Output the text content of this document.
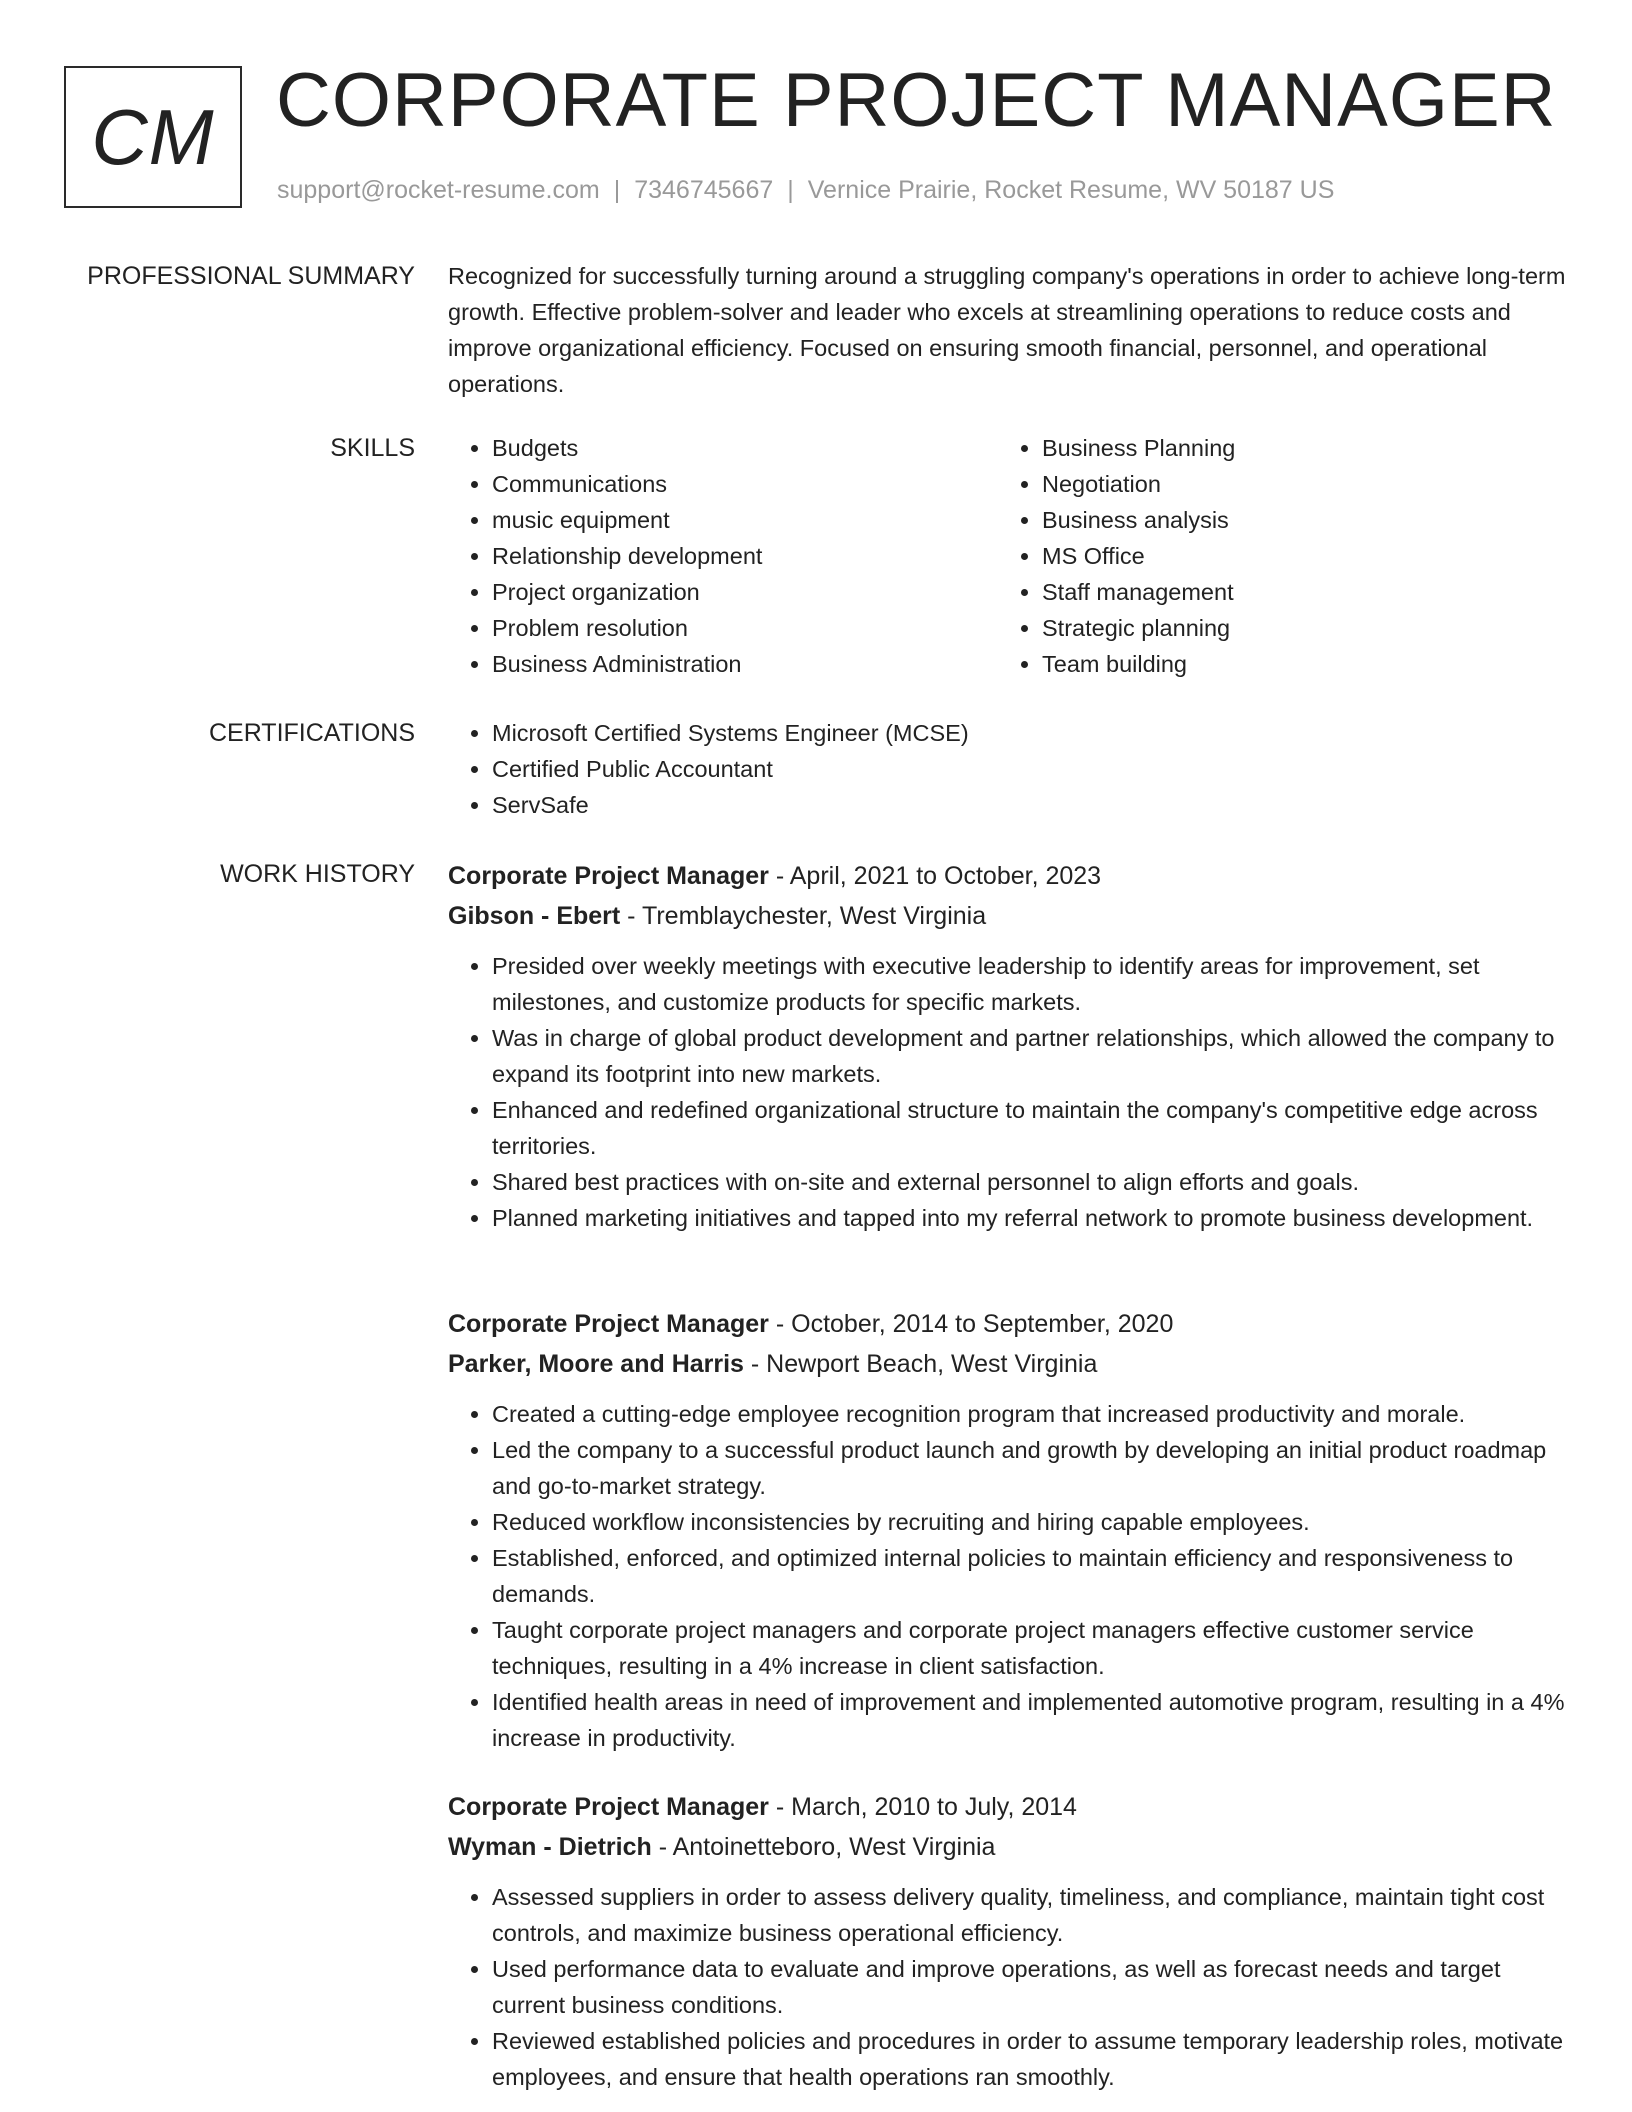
CM CORPORATE PROJECT MANAGER
support@rocket-resume.com | 7346745667 | Vernice Prairie, Rocket Resume, WV 50187 US
PROFESSIONAL SUMMARY Recognized for successfully turning around a struggling company's operations in order to achieve long-term growth. Effective problem-solver and leader who excels at streamlining operations to reduce costs and improve organizational efficiency. Focused on ensuring smooth financial, personnel, and operational operations.

SKILLS	• Budgets
• Communications
• music equipment
• Relationship development
• Project organization
• Problem resolution
• Business Administration
• Business Planning
• Negotiation
• Business analysis
• MS Office
• Staff management
• Strategic planning
• Team building
CERTIFICATIONS	• Microsoft Certified Systems Engineer (MCSE)
• Certified Public Accountant
• ServSafe
WORK HISTORY Corporate Project Manager - April, 2021 to October, 2023
Gibson - Ebert - Tremblaychester, West Virginia
• Presided over weekly meetings with executive leadership to identify areas for improvement, set milestones, and customize products for specific markets.
• Was in charge of global product development and partner relationships, which allowed the company to expand its footprint into new markets.
• Enhanced and redefined organizational structure to maintain the company's competitive edge across territories.
• Shared best practices with on-site and external personnel to align efforts and goals.
• Planned marketing initiatives and tapped into my referral network to promote business development.
Corporate Project Manager - October, 2014 to September, 2020
Parker, Moore and Harris - Newport Beach, West Virginia
• Created a cutting-edge employee recognition program that increased productivity and morale.
• Led the company to a successful product launch and growth by developing an initial product roadmap and go-to-market strategy.
• Reduced workflow inconsistencies by recruiting and hiring capable employees.
• Established, enforced, and optimized internal policies to maintain efficiency and responsiveness to demands.
• Taught corporate project managers and corporate project managers effective customer service techniques, resulting in a 4% increase in client satisfaction.
• Identified health areas in need of improvement and implemented automotive program, resulting in a 4% increase in productivity.
Corporate Project Manager - March, 2010 to July, 2014
Wyman - Dietrich - Antoinetteboro, West Virginia
• Assessed suppliers in order to assess delivery quality, timeliness, and compliance, maintain tight cost controls, and maximize business operational efficiency.
• Used performance data to evaluate and improve operations, as well as forecast needs and target current business conditions.
• Reviewed established policies and procedures in order to assume temporary leadership roles, motivate employees, and ensure that health operations ran smoothly.
